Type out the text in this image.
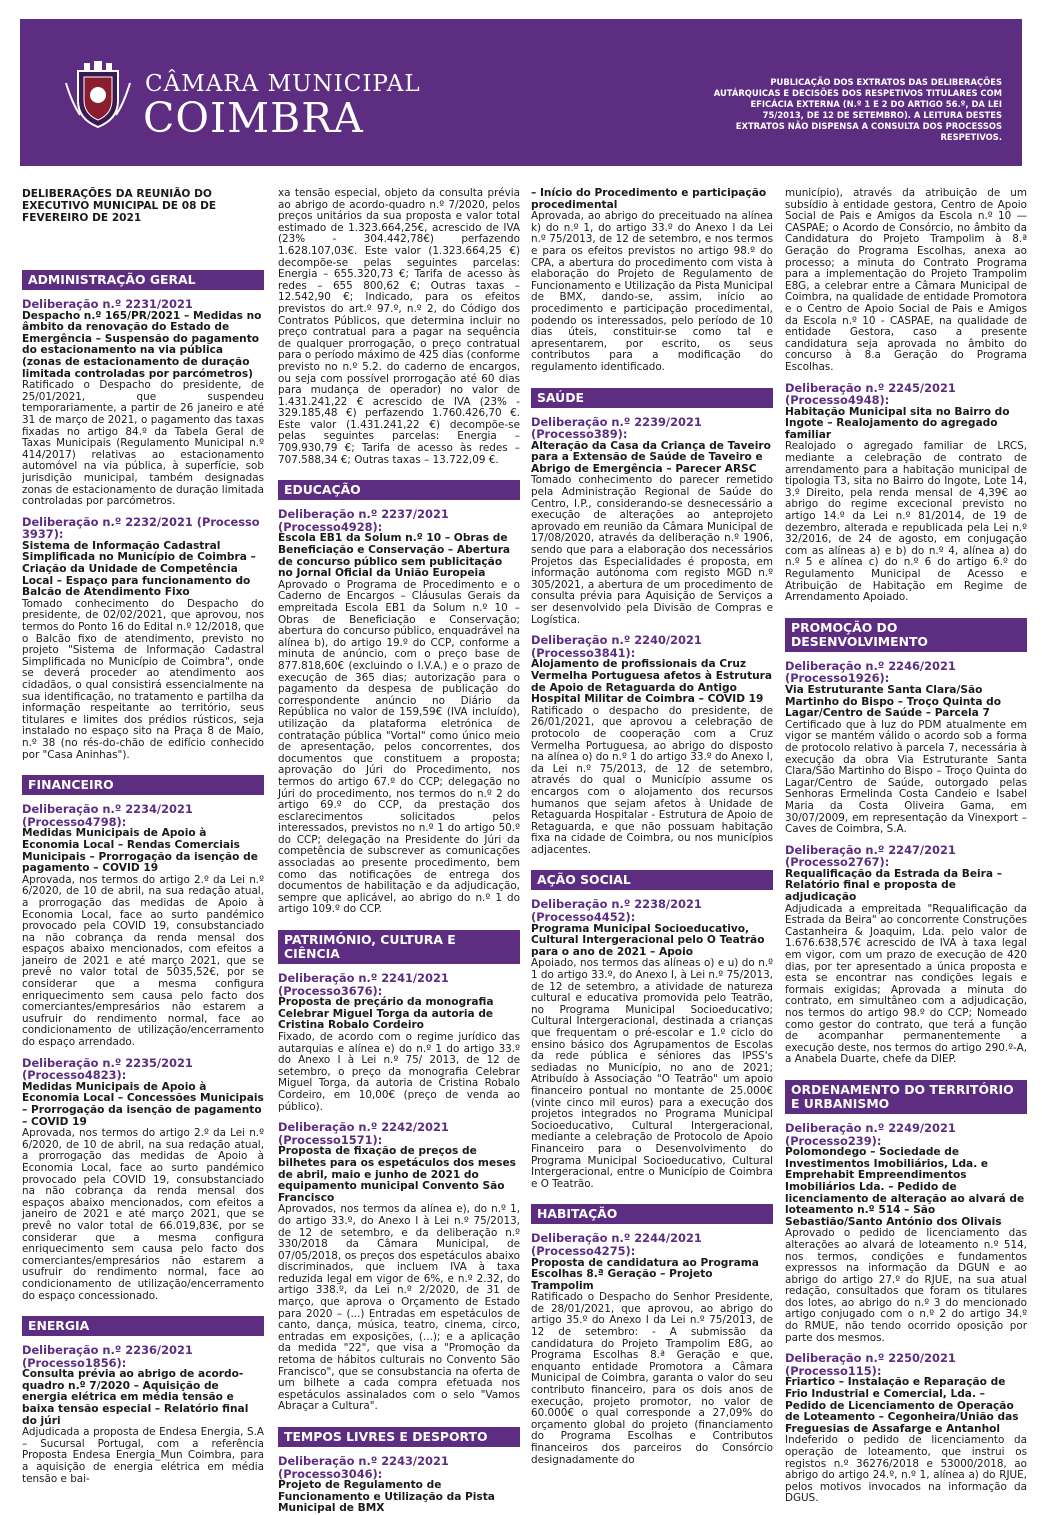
CÂMARA MUNICIPAL
COIMBRA
PUBLICAÇÃO DOS EXTRATOS DAS DELIBERAÇÕES AUTÁRQUICAS E DECISÕES DOS RESPETIVOS TITULARES COM EFICÁCIA EXTERNA (N.º 1 E 2 DO ARTIGO 56.º, DA LEI 75/2013, DE 12 DE SETEMBRO). A LEITURA DESTES EXTRATOS NÃO DISPENSA A CONSULTA DOS PROCESSOS RESPETIVOS.
DELIBERAÇÕES DA REUNIÃO DO EXECUTIVO MUNICIPAL DE 08 DE FEVEREIRO DE 2021
ADMINISTRAÇÃO GERAL
Deliberação n.º 2231/2021
Despacho n.º 165/PR/2021 – Medidas no âmbito da renovação do Estado de Emergência – Suspensão do pagamento do estacionamento na via pública (zonas de estacionamento de duração limitada controladas por parcómetros)
Ratificado o Despacho do presidente, de 25/01/2021, que suspendeu temporariamente, a partir de 26 janeiro e até 31 de março de 2021, o pagamento das taxas fixadas no artigo 84.º da Tabela Geral de Taxas Municipais (Regulamento Municipal n.º 414/2017) relativas ao estacionamento automóvel na via pública, à superfície, sob jurisdição municipal, também designadas zonas de estacionamento de duração limitada controladas por parcómetros.
Deliberação n.º 2232/2021 (Processo 3937):
Sistema de Informação Cadastral Simplificada no Município de Coimbra – Criação da Unidade de Competência Local – Espaço para funcionamento do Balcão de Atendimento Fixo
Tomado conhecimento do Despacho do presidente, de 02/02/2021, que aprovou, nos termos do Ponto 16 do Edital n.º 12/2018, que o Balcão fixo de atendimento, previsto no projeto "Sistema de Informação Cadastral Simplificada no Município de Coimbra", onde se deverá proceder ao atendimento aos cidadãos, o qual consistirá essencialmente na sua identificação, no tratamento e partilha da informação respeitante ao território, seus titulares e limites dos prédios rústicos, seja instalado no espaço sito na Praça 8 de Maio, n.º 38 (no rés-do-chão de edifício conhecido por "Casa Aninhas").
FINANCEIRO
Deliberação n.º 2234/2021 (Processo4798):
Medidas Municipais de Apoio à Economia Local – Rendas Comerciais Municipais – Prorrogação da isenção de pagamento – COVID 19
Aprovada, nos termos do artigo 2.º da Lei n.º 6/2020, de 10 de abril, na sua redação atual, a prorrogação das medidas de Apoio à Economia Local, face ao surto pandémico provocado pela COVID 19, consubstanciado na não cobrança da renda mensal dos espaços abaixo mencionados, com efeitos a janeiro de 2021 e até março 2021, que se prevê no valor total de 5035,52€, por se considerar que a mesma configura enriquecimento sem causa pelo facto dos comerciantes/empresários não estarem a usufruir do rendimento normal, face ao condicionamento de utilização/encerramento do espaço arrendado.
Deliberação n.º 2235/2021 (Processo4823):
Medidas Municipais de Apoio à Economia Local – Concessões Municipais – Prorrogação da isenção de pagamento – COVID 19
Aprovada, nos termos do artigo 2.º da Lei n.º 6/2020, de 10 de abril, na sua redação atual, a prorrogação das medidas de Apoio à Economia Local, face ao surto pandémico provocado pela COVID 19, consubstanciado na não cobrança da renda mensal dos espaços abaixo mencionados, com efeitos a janeiro de 2021 e até março 2021, que se prevê no valor total de 66.019,83€, por se considerar que a mesma configura enriquecimento sem causa pelo facto dos comerciantes/empresários não estarem a usufruir do rendimento normal, face ao condicionamento de utilização/encerramento do espaço concessionado.
ENERGIA
Deliberação n.º 2236/2021 (Processo1856):
Consulta prévia ao abrigo de acordo-quadro n.º 7/2020 – Aquisição de energia elétrica em média tensão e baixa tensão especial – Relatório final do júri
Adjudicada a proposta de Endesa Energia, S.A – Sucursal Portugal, com a referência Proposta Endesa Energia_Mun Coimbra, para a aquisição de energia elétrica em média tensão e bai-
xa tensão especial, objeto da consulta prévia ao abrigo de acordo-quadro n.º 7/2020, pelos preços unitários da sua proposta e valor total estimado de 1.323.664,25€, acrescido de IVA (23% - 304.442,78€) perfazendo 1.628.107,03€. Este valor (1.323.664,25 €) decompõe-se pelas seguintes parcelas: Energia – 655.320,73 €; Tarifa de acesso às redes – 655 800,62 €; Outras taxas – 12.542,90 €; Indicado, para os efeitos previstos do art.º 97.º, n.º 2, do Código dos Contratos Públicos, que determina incluir no preço contratual para a pagar na sequência de qualquer prorrogação, o preço contratual para o período máximo de 425 dias (conforme previsto no n.º 5.2. do caderno de encargos, ou seja com possível prorrogação até 60 dias para mudança de operador) no valor de 1.431.241,22 € acrescido de IVA (23% - 329.185,48 €) perfazendo 1.760.426,70 €. Este valor (1.431.241,22 €) decompõe-se pelas seguintes parcelas: Energia –709.930,79 €; Tarifa de acesso às redes – 707.588,34 €; Outras taxas – 13.722,09 €.
EDUCAÇÃO
Deliberação n.º 2237/2021 (Processo4928):
Escola EB1 da Solum n.º 10 – Obras de Beneficiação e Conservação – Abertura de concurso público sem publicitação no Jornal Oficial da União Europeia
Aprovado o Programa de Procedimento e o Caderno de Encargos – Cláusulas Gerais da empreitada Escola EB1 da Solum n.º 10 – Obras de Beneficiação e Conservação; abertura do concurso público, enquadrável na alínea b), do artigo 19.º do CCP, conforme a minuta de anúncio, com o preço base de 877.818,60€ (excluindo o I.V.A.) e o prazo de execução de 365 dias; autorização para o pagamento da despesa de publicação do correspondente anúncio no Diário da República no valor de 159,59€ (IVA incluído), utilização da plataforma eletrónica de contratação pública "Vortal" como único meio de apresentação, pelos concorrentes, dos documentos que constituem a proposta; aprovação do Júri do Procedimento, nos termos do artigo 67.º do CCP; delegação no Júri do procedimento, nos termos do n.º 2 do artigo 69.º do CCP, da prestação dos esclarecimentos solicitados pelos interessados, previstos no n.º 1 do artigo 50.º do CCP; delegação na Presidente do Júri da competência de subscrever as comunicações associadas ao presente procedimento, bem como das notificações de entrega dos documentos de habilitação e da adjudicação, sempre que aplicável, ao abrigo do n.º 1 do artigo 109.º do CCP.
PATRIMÓNIO, CULTURA E CIÊNCIA
Deliberação n.º 2241/2021 (Processo3676):
Proposta de preçário da monografia Celebrar Miguel Torga da autoria de Cristina Robalo Cordeiro
Fixado, de acordo com o regime jurídico das autarquias e alínea e) do n.º 1 do artigo 33.º do Anexo I à Lei n.º 75/ 2013, de 12 de setembro, o preço da monografia Celebrar Miguel Torga, da autoria de Cristina Robalo Cordeiro, em 10,00€ (preço de venda ao público).
Deliberação n.º 2242/2021 (Processo1571):
Proposta de fixação de preços de bilhetes para os espetáculos dos meses de abril, maio e junho de 2021 do equipamento municipal Convento São Francisco
Aprovados, nos termos da alínea e), do n.º 1, do artigo 33.º, do Anexo I à Lei n.º 75/2013, de 12 de setembro, e da deliberação n.º 330/2018 da Câmara Municipal, de 07/05/2018, os preços dos espetáculos abaixo discriminados, que incluem IVA à taxa reduzida legal em vigor de 6%, e n.º 2.32, do artigo 338.º, da Lei n.º 2/2020, de 31 de março, que aprova o Orçamento de Estado para 2020 – (...) Entradas em espetáculos de canto, dança, música, teatro, cinema, circo, entradas em exposições, (...); e a aplicação da medida "22", que visa a "Promoção da retoma de hábitos culturais no Convento São Francisco", que se consubstancia na oferta de um bilhete a cada compra efetuada nos espetáculos assinalados com o selo "Vamos Abraçar a Cultura".
TEMPOS LIVRES E DESPORTO
Deliberação n.º 2243/2021 (Processo3046):
Projeto de Regulamento de Funcionamento e Utilização da Pista Municipal de BMX
– Início do Procedimento e participação procedimental
Aprovada, ao abrigo do preceituado na alínea k) do n.º 1, do artigo 33.º do Anexo I da Lei n.º 75/2013, de 12 de setembro, e nos termos e para os efeitos previstos no artigo 98.º do CPA, a abertura do procedimento com vista à elaboração do Projeto de Regulamento de Funcionamento e Utilização da Pista Municipal de BMX, dando-se, assim, início ao procedimento e participação procedimental, podendo os interessados, pelo período de 10 dias úteis, constituir-se como tal e apresentarem, por escrito, os seus contributos para a modificação do regulamento identificado.
SAÚDE
Deliberação n.º 2239/2021 (Processo389):
Alteração da Casa da Criança de Taveiro para a Extensão de Saúde de Taveiro e Abrigo de Emergência – Parecer ARSC
Tomado conhecimento do parecer remetido pela Administração Regional de Saúde do Centro, I.P., considerando-se desnecessário a execução de alterações ao anteprojeto aprovado em reunião da Câmara Municipal de 17/08/2020, através da deliberação n.º 1906, sendo que para a elaboração dos necessários Projetos das Especialidades é proposta, em informação autónoma com registo MGD n.º 305/2021, a abertura de um procedimento de consulta prévia para Aquisição de Serviços a ser desenvolvido pela Divisão de Compras e Logística.
Deliberação n.º 2240/2021 (Processo3841):
Alojamento de profissionais da Cruz Vermelha Portuguesa afetos à Estrutura de Apoio de Retaguarda do Antigo Hospital Militar de Coimbra – COVID 19
Ratificado o despacho do presidente, de 26/01/2021, que aprovou a celebração de protocolo de cooperação com a Cruz Vermelha Portuguesa, ao abrigo do disposto na alínea o) do n.º 1 do artigo 33.º do Anexo I, da Lei n.º 75/2013, de 12 de setembro, através do qual o Município assume os encargos com o alojamento dos recursos humanos que sejam afetos à Unidade de Retaguarda Hospitalar - Estrutura de Apoio de Retaguarda, e que não possuam habitação fixa na cidade de Coimbra, ou nos municípios adjacentes.
AÇÃO SOCIAL
Deliberação n.º 2238/2021 (Processo4452):
Programa Municipal Socioeducativo, Cultural Intergeracional pelo O Teatrão para o ano de 2021 – Apoio
Apoiado, nos termos das alíneas o) e u) do n.º 1 do artigo 33.º, do Anexo I, à Lei n.º 75/2013, de 12 de setembro, a atividade de natureza cultural e educativa promovida pelo Teatrão, no Programa Municipal Socioeducativo; Cultural Intergeracional, destinada a crianças que frequentam o pré-escolar e 1.º ciclo do ensino básico dos Agrupamentos de Escolas da rede pública e séniores das IPSS's sediadas no Município, no ano de 2021; Atribuído à Associação "O Teatrão" um apoio financeiro pontual no montante de 25.000€ (vinte cinco mil euros) para a execução dos projetos integrados no Programa Municipal Socioeducativo, Cultural Intergeracional, mediante a celebração de Protocolo de Apoio Financeiro para o Desenvolvimento do Programa Municipal Socioeducativo, Cultural Intergeracional, entre o Município de Coimbra e O Teatrão.
HABITAÇÃO
Deliberação n.º 2244/2021 (Processo4275):
Proposta de candidatura ao Programa Escolhas 8.ª Geração – Projeto Trampolim
Ratificado o Despacho do Senhor Presidente, de 28/01/2021, que aprovou, ao abrigo do artigo 35.º do Anexo I da Lei n.º 75/2013, de 12 de setembro: - A submissão da candidatura do Projeto Trampolim E8G, ao Programa Escolhas 8.ª Geração e que, enquanto entidade Promotora a Câmara Municipal de Coimbra, garanta o valor do seu contributo financeiro, para os dois anos de execução, projeto promotor, no valor de 60.000€ o qual corresponde a 27,09% do orçamento global do projeto (financiamento do Programa Escolhas e Contributos financeiros dos parceiros do Consórcio designadamente do
município), através da atribuição de um subsídio à entidade gestora, Centro de Apoio Social de Pais e Amigos da Escola n.º 10 — CASPAE; o Acordo de Consórcio, no âmbito da Candidatura do Projeto Trampolim à 8.ª Geração do Programa Escolhas, anexa ao processo; a minuta do Contrato Programa para a implementação do Projeto Trampolim E8G, a celebrar entre a Câmara Municipal de Coimbra, na qualidade de entidade Promotora e o Centro de Apoio Social de Pais e Amigos da Escola n.º 10 - CASPAE, na qualidade de entidade Gestora, caso a presente candidatura seja aprovada no âmbito do concurso à 8.a Geração do Programa Escolhas.
Deliberação n.º 2245/2021 (Processo4948):
Habitação Municipal sita no Bairro do Ingote – Realojamento do agregado familiar
Realojado o agregado familiar de LRCS, mediante a celebração de contrato de arrendamento para a habitação municipal de tipologia T3, sita no Bairro do Ingote, Lote 14, 3.º Direito, pela renda mensal de 4,39€ ao abrigo do regime excecional previsto no artigo 14.º da Lei n.º 81/2014, de 19 de dezembro, alterada e republicada pela Lei n.º 32/2016, de 24 de agosto, em conjugação com as alíneas a) e b) do n.º 4, alínea a) do n.º 5 e alínea c) do n.º 6 do artigo 6.º do Regulamento Municipal de Acesso e Atribuição de Habitação em Regime de Arrendamento Apoiado.
PROMOÇÃO DO DESENVOLVIMENTO
Deliberação n.º 2246/2021 (Processo1926):
Via Estruturante Santa Clara/São Martinho do Bispo – Troço Quinta do Lagar/Centro de Saúde – Parcela 7
Certificado que à luz do PDM atualmente em vigor se mantém válido o acordo sob a forma de protocolo relativo à parcela 7, necessária à execução da obra Via Estruturante Santa Clara/São Martinho do Bispo – Troço Quinta do Lagar/Centro de Saúde, outorgado pelas Senhoras Ermelinda Costa Candeio e Isabel Maria da Costa Oliveira Gama, em 30/07/2009, em representação da Vinexport – Caves de Coimbra, S.A.
Deliberação n.º 2247/2021 (Processo2767):
Requalificação da Estrada da Beira – Relatório final e proposta de adjudicação
Adjudicada a empreitada "Requalificação da Estrada da Beira" ao concorrente Construções Castanheira & Joaquim, Lda. pelo valor de 1.676.638,57€ acrescido de IVA à taxa legal em vigor, com um prazo de execução de 420 dias, por ter apresentado a única proposta e esta se encontrar nas condições legais e formais exigidas; Aprovada a minuta do contrato, em simultâneo com a adjudicação, nos termos do artigo 98.º do CCP; Nomeado como gestor do contrato, que terá a função de acompanhar permanentemente a execução deste, nos termos do artigo 290.º-A, a Anabela Duarte, chefe da DIEP.
ORDENAMENTO DO TERRITÓRIO E URBANISMO
Deliberação n.º 2249/2021 (Processo239):
Polomondego – Sociedade de Investimentos Imobiliários, Lda. e Emprehabit Empreendimentos Imobiliários Lda. – Pedido de licenciamento de alteração ao alvará de loteamento n.º 514 – São Sebastião/Santo António dos Olivais
Aprovado o pedido de licenciamento das alterações ao alvará de loteamento n.º 514, nos termos, condições e fundamentos expressos na informação da DGUN e ao abrigo do artigo 27.º do RJUE, na sua atual redação, consultados que foram os titulares dos lotes, ao abrigo do n.º 3 do mencionado artigo conjugado com o n.º 2 do artigo 34.º do RMUE, não tendo ocorrido oposição por parte dos mesmos.
Deliberação n.º 2250/2021 (Processo115):
Friartico – Instalação e Reparação de Frio Industrial e Comercial, Lda. – Pedido de Licenciamento de Operação de Loteamento – Cegonheira/União das Freguesias de Assafarge e Antanhol
Indeferido o pedido de licenciamento da operação de loteamento, que instrui os registos n.º 36276/2018 e 53000/2018, ao abrigo do artigo 24.º, n.º 1, alínea a) do RJUE, pelos motivos invocados na informação da DGUS.
